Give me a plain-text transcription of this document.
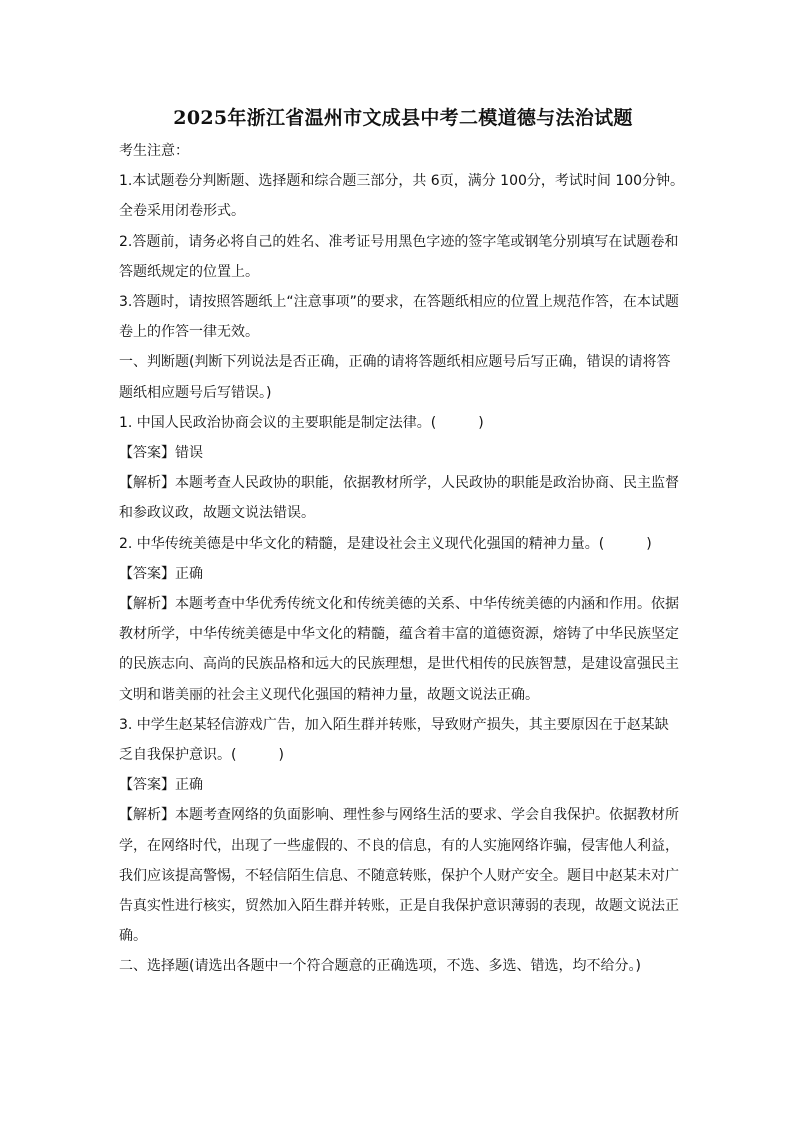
2025年浙江省温州市文成县中考二模道德与法治试题
考生注意：
1.本试题卷分判断题、选择题和综合题三部分，共 6页，满分 100分，考试时间 100分钟。
全卷采用闭卷形式。
2.答题前，请务必将自己的姓名、准考证号用黑色字迹的签字笔或钢笔分别填写在试题卷和
答题纸规定的位置上。
3.答题时，请按照答题纸上“注意事项”的要求，在答题纸相应的位置上规范作答，在本试题
卷上的作答一律无效。
一、判断题(判断下列说法是否正确，正确的请将答题纸相应题号后写正确，错误的请将答
题纸相应题号后写错误。)
1. 中国人民政治协商会议的主要职能是制定法律。(　　　)
【答案】错误
【解析】本题考查人民政协的职能，依据教材所学，人民政协的职能是政治协商、民主监督
和参政议政，故题文说法错误。
2. 中华传统美德是中华文化的精髓，是建设社会主义现代化强国的精神力量。(　　　)
【答案】正确
【解析】本题考查中华优秀传统文化和传统美德的关系、中华传统美德的内涵和作用。依据
教材所学，中华传统美德是中华文化的精髓，蕴含着丰富的道德资源，熔铸了中华民族坚定
的民族志向、高尚的民族品格和远大的民族理想，是世代相传的民族智慧，是建设富强民主
文明和谐美丽的社会主义现代化强国的精神力量，故题文说法正确。
3. 中学生赵某轻信游戏广告，加入陌生群并转账，导致财产损失，其主要原因在于赵某缺
乏自我保护意识。(　　　)
【答案】正确
【解析】本题考查网络的负面影响、理性参与网络生活的要求、学会自我保护。依据教材所
学，在网络时代，出现了一些虚假的、不良的信息，有的人实施网络诈骗，侵害他人利益，
我们应该提高警惕，不轻信陌生信息、不随意转账，保护个人财产安全。题目中赵某未对广
告真实性进行核实，贸然加入陌生群并转账，正是自我保护意识薄弱的表现，故题文说法正
确。
二、选择题(请选出各题中一个符合题意的正确选项，不选、多选、错选，均不给分。)
